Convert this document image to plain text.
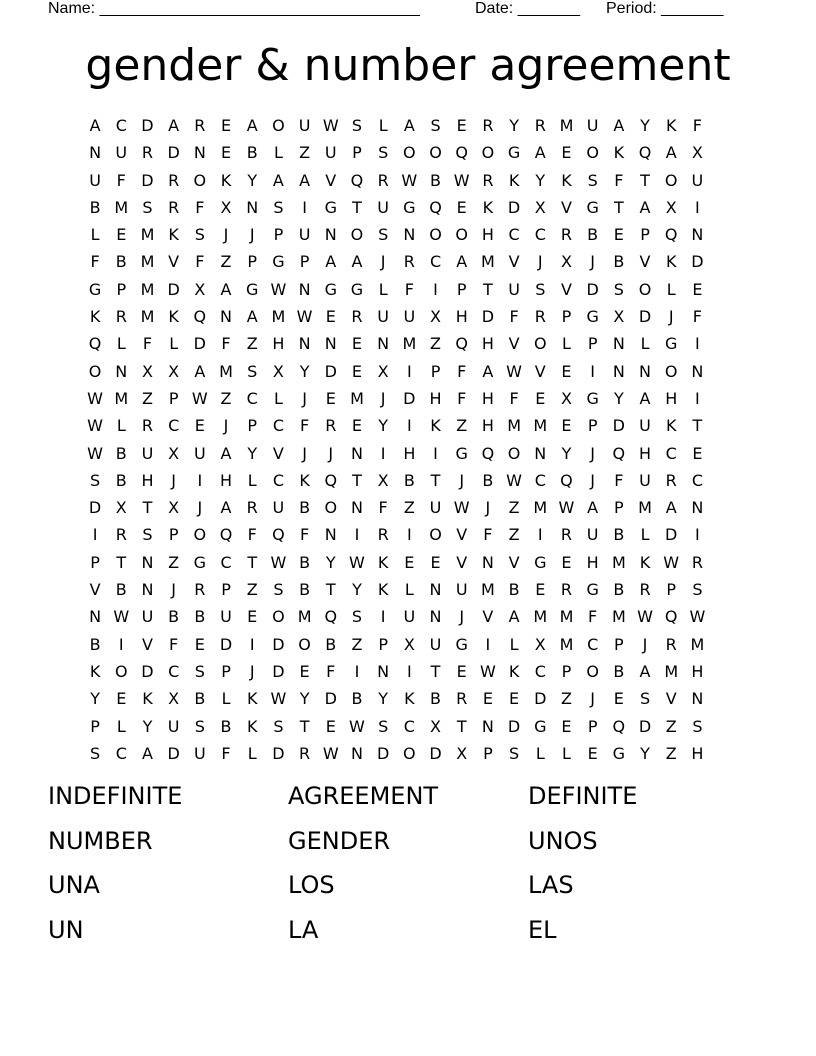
Name: ____________________________________

	Date: _______

Period: _______

gender & number agreement
A C D A R E A O U W S	L	A S	E R Y R M U A Y	K	F
N U R D N E B	L	Z U P	S O O Q O G A E O K Q A X
U F D R O K	Y A A V Q R W B W R K	Y	K S	F	T O U
B M S R	F	X N S	I	G T U G Q E K D X V G T A X	I
L	E M K S	J	J	P U N O S N O O H C C R B E	P Q N
F	B M V	F	Z P G P A A	J	R C A M V	J	X	J	B V K D
G P M D X A G W N G G L	F	I	P	T U S V D S O L	E
K R M K Q N A M W E R U U X H D F	R P G X D	J	F
Q L	F	L D F	Z H N N E N M Z Q H V O L	P N L G	I
O N X X A M S X Y D E X	I	P	F	A W V E	I	N N O N
W M Z P W Z C	L	J	E M	J	D H F H F	E X G Y A H	I
W L	R C E	J	P C	F	R E	Y	I	K Z H M M E	P D U K	T
W B U X U A Y V	J	J	N	I	H	I	G Q O N Y	J	Q H C E
S B H	J	I	H L	C K Q T X B T	J	B W C Q	J	F U R C
D X T X	J	A R U B O N F	Z U W J	Z M W A P M A N
I	R S	P O Q F Q F N	I	R	I	O V	F	Z	I	R U B	L D	I
P	T N Z G C T W B Y W K E	E V N V G E H M K W R
V B N	J	R P Z S B T	Y	K	L N U M B E R G B R P	S
N W U B B U E O M Q S	I	U N	J	V A M M F M W Q W
B	I	V	F	E D	I	D O B Z P X U G	I	L	X M C P	J	R M
K O D C S	P	J	D E	F	I	N	I	T	E W K C P O B A M H
Y	E K X B	L	K W Y D B Y	K B R E	E D Z	J	E	S V N
P	L	Y U S B K S	T	E W S C X T N D G E	P Q D Z S
S C A D U F	L D R W N D O D X P	S	L	L	E G Y Z H
INDEFINITE	AGREEMENT	DEFINITE
NUMBER	GENDER	UNOS
UNA	LOS	LAS
UN	LA	EL
